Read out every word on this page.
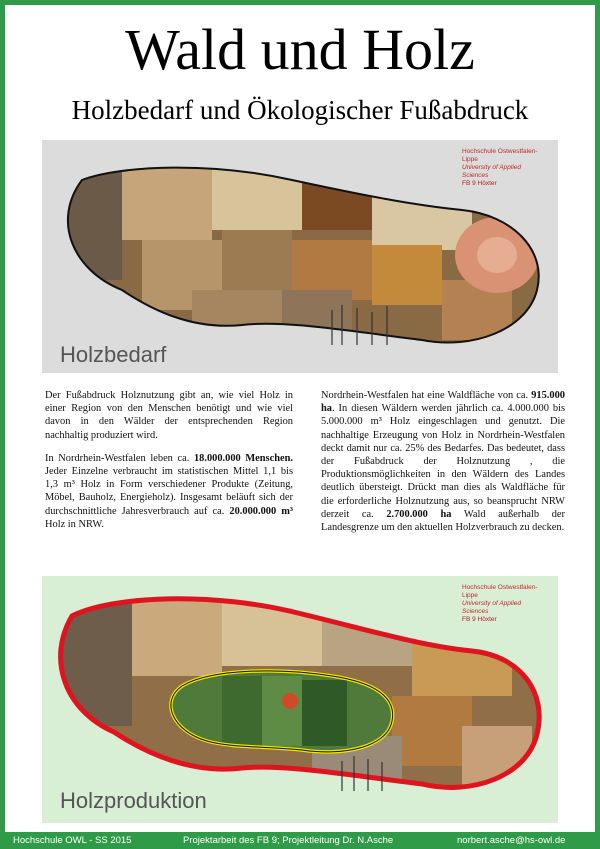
Wald und Holz
Holzbedarf und Ökologischer Fußabdruck
Hochschule Ostwestfalen-Lippe
University of Applied Sciences
FB 9 Höxter
Holzbedarf

Der Fußabdruck Holznutzung gibt an, wie viel Holz in einer Region von den Menschen benötigt und wie viel davon in den Wälder der entsprechenden Region nachhaltig produziert wird.

In Nordrhein-Westfalen leben ca. 18.000.000 Menschen. Jeder Einzelne verbraucht im statistischen Mittel 1,1 bis 1,3 m³ Holz in Form verschiedener Produkte (Zeitung, Möbel, Bauholz, Energieholz). Insgesamt beläuft sich der durchschnittliche Jahresverbrauch auf ca. 20.000.000 m³ Holz in NRW.

Nordrhein-Westfalen hat eine Waldfläche von ca. 915.000 ha. In diesen Wäldern werden jährlich ca. 4.000.000 bis 5.000.000 m³ Holz eingeschlagen und genutzt. Die nachhaltige Erzeugung von Holz in Nordrhein-Westfalen deckt damit nur ca. 25% des Bedarfes. Das bedeutet, dass der Fußabdruck der Holznutzung , die Produktionsmöglichkeiten in den Wäldern des Landes deutlich übersteigt. Drückt man dies als Waldfläche für die erforderliche Holznutzung aus, so beansprucht NRW derzeit ca. 2.700.000 ha Wald außerhalb der Landesgrenze um den aktuellen Holzverbrauch zu decken.

Hochschule Ostwestfalen-Lippe
University of Applied Sciences
FB 9 Höxter
Holzproduktion
Hochschule OWL - SS 2015	Projektarbeit des FB 9; Projektleitung Dr. N.Asche	norbert.asche@hs-owl.de
